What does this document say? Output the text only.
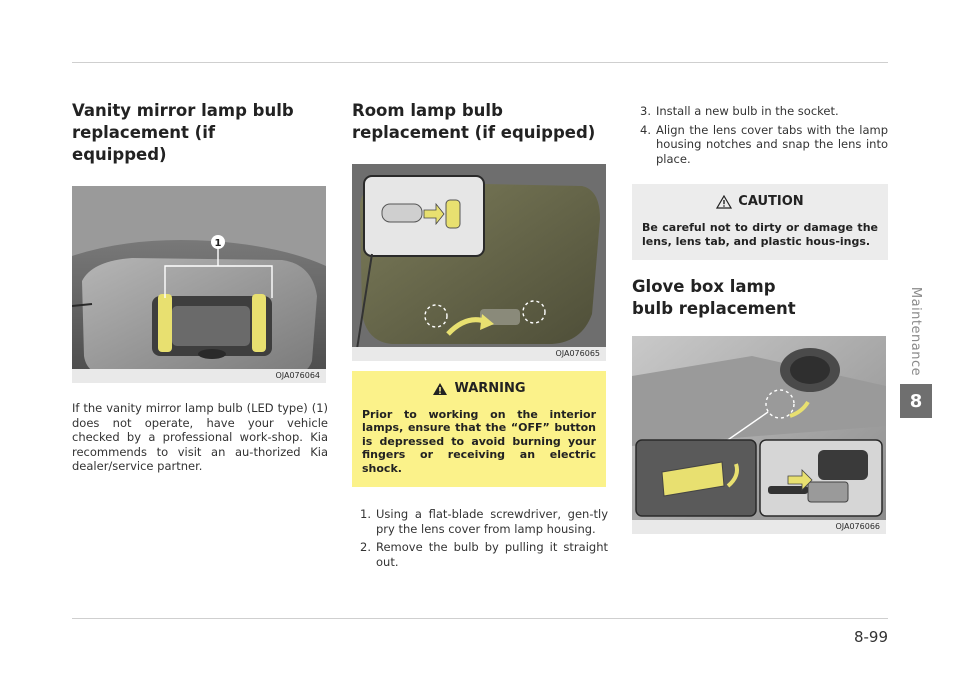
Vanity mirror lamp bulb replacement (if equipped)
1
OJA076064

If the vanity mirror lamp bulb (LED type) (1) does not operate, have your vehicle checked by a professional work-shop. Kia recommends to visit an au-thorized Kia dealer/service partner.

Room lamp bulb replacement (if equipped)
OJA076065
WARNING
Prior to working on the interior lamps, ensure that the “OFF” button is depressed to avoid burning your fingers or receiving an electric shock.
1. Using a flat-blade screwdriver, gen-tly pry the lens cover from lamp housing.
2. Remove the bulb by pulling it straight out.
3. Install a new bulb in the socket.
4. Align the lens cover tabs with the lamp housing notches and snap the lens into place.
CAUTION
Be careful not to dirty or damage the lens, lens tab, and plastic hous-ings.
Glove box lamp bulb replacement
OJA076066
Maintenance
8
8-99
